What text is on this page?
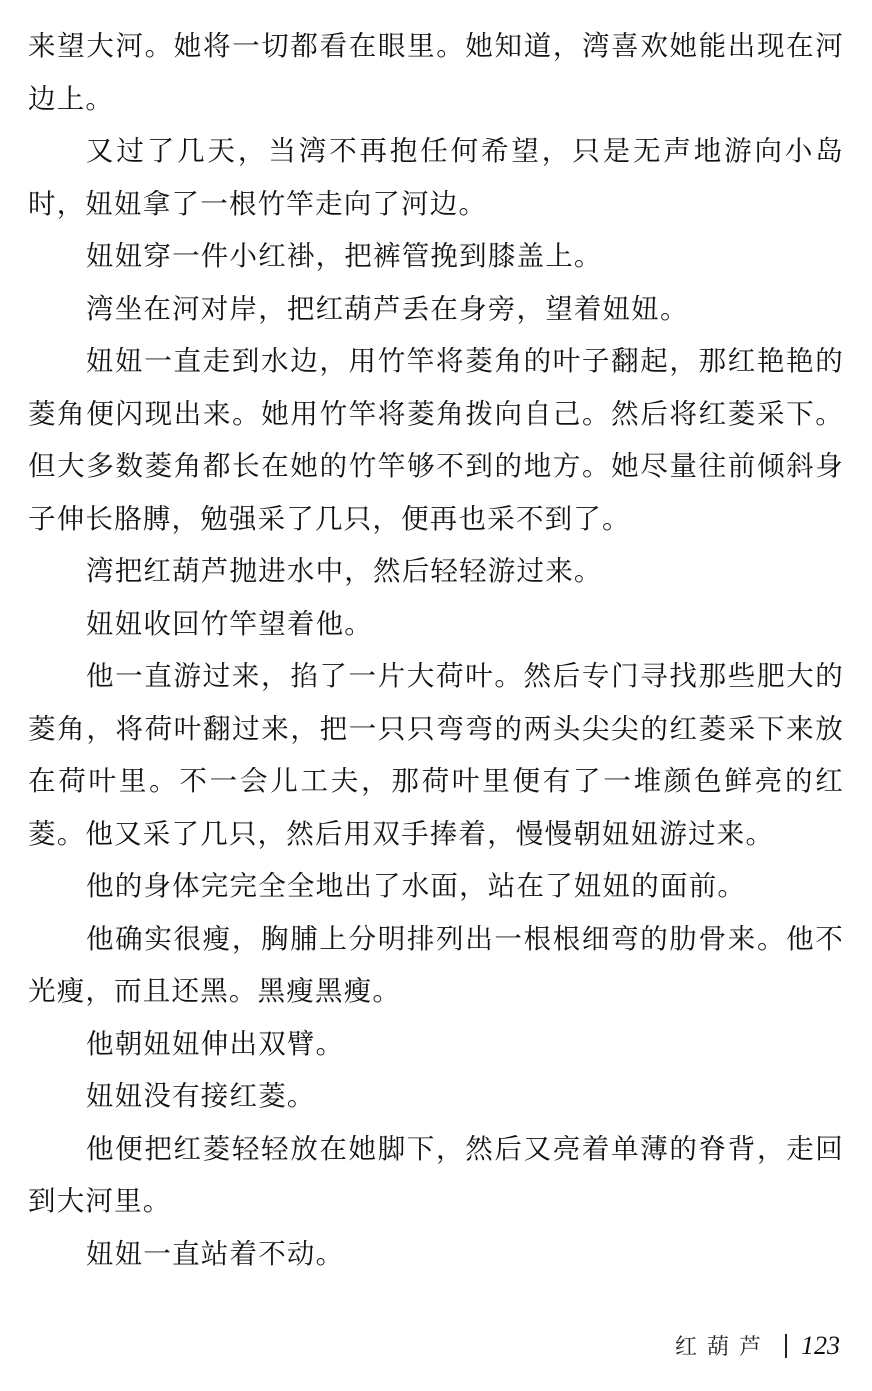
来望大河。她将一切都看在眼里。她知道，湾喜欢她能出现在河边上。

又过了几天，当湾不再抱任何希望，只是无声地游向小岛时，妞妞拿了一根竹竿走向了河边。

妞妞穿一件小红褂，把裤管挽到膝盖上。

湾坐在河对岸，把红葫芦丢在身旁，望着妞妞。

妞妞一直走到水边，用竹竿将菱角的叶子翻起，那红艳艳的菱角便闪现出来。她用竹竿将菱角拨向自己。然后将红菱采下。但大多数菱角都长在她的竹竿够不到的地方。她尽量往前倾斜身子伸长胳膊，勉强采了几只，便再也采不到了。

湾把红葫芦抛进水中，然后轻轻游过来。

妞妞收回竹竿望着他。

他一直游过来，掐了一片大荷叶。然后专门寻找那些肥大的菱角，将荷叶翻过来，把一只只弯弯的两头尖尖的红菱采下来放在荷叶里。不一会儿工夫，那荷叶里便有了一堆颜色鲜亮的红菱。他又采了几只，然后用双手捧着，慢慢朝妞妞游过来。

他的身体完完全全地出了水面，站在了妞妞的面前。

他确实很瘦，胸脯上分明排列出一根根细弯的肋骨来。他不光瘦，而且还黑。黑瘦黑瘦。

他朝妞妞伸出双臂。

妞妞没有接红菱。

他便把红菱轻轻放在她脚下，然后又亮着单薄的脊背，走回到大河里。

妞妞一直站着不动。

红葫芦 123
